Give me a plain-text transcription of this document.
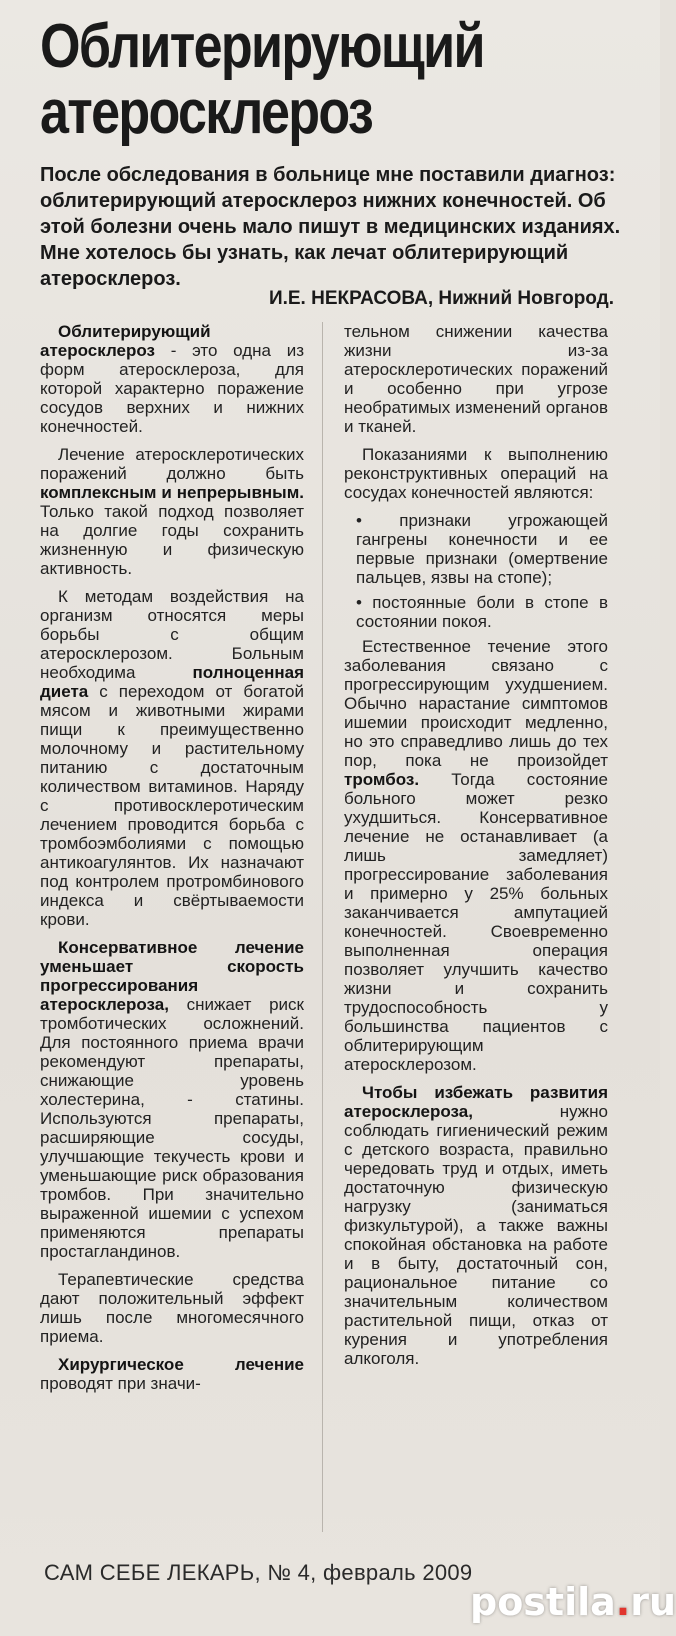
Облитерирующий
атеросклероз

После обследования в больнице мне поставили диагноз: облитерирующий атеросклероз нижних конечностей. Об этой болезни очень мало пишут в медицинских изданиях. Мне хотелось бы узнать, как лечат облитерирующий атеросклероз.

И.Е. НЕКРАСОВА, Нижний Новгород.

Облитерирующий атеросклероз - это одна из форм атеросклероза, для которой характерно поражение сосудов верхних и нижних конечностей.

Лечение атеросклеротических поражений должно быть комплексным и непрерывным. Только такой подход позволяет на долгие годы сохранить жизненную и физическую активность.

К методам воздействия на организм относятся меры борьбы с общим атеросклерозом. Больным необходима полноценная диета с переходом от богатой мясом и животными жирами пищи к преимущественно молочному и растительному питанию с достаточным количеством витаминов. Наряду с противосклеротическим лечением проводится борьба с тромбоэмболиями с помощью антикоагулянтов. Их назначают под контролем протромбинового индекса и свёртываемости крови.

Консервативное лечение уменьшает скорость прогрессирования атеросклероза, снижает риск тромботических осложнений. Для постоянного приема врачи рекомендуют препараты, снижающие уровень холестерина, - статины. Используются препараты, расширяющие сосуды, улучшающие текучесть крови и уменьшающие риск образования тромбов. При значительно выраженной ишемии с успехом применяются препараты простагландинов.

Терапевтические средства дают положительный эффект лишь после многомесячного приема.

Хирургическое лечение проводят при значи-

тельном снижении качества жизни из-за атеросклеротических поражений и особенно при угрозе необратимых изменений органов и тканей.

Показаниями к выполнению реконструктивных операций на сосудах конечностей являются:

• признаки угрожающей гангрены конечности и ее первые признаки (омертвение пальцев, язвы на стопе);

• постоянные боли в стопе в состоянии покоя.

Естественное течение этого заболевания связано с прогрессирующим ухудшением. Обычно нарастание симптомов ишемии происходит медленно, но это справедливо лишь до тех пор, пока не произойдет тромбоз. Тогда состояние больного может резко ухудшиться. Консервативное лечение не останавливает (а лишь замедляет) прогрессирование заболевания и примерно у 25% больных заканчивается ампутацией конечностей. Своевременно выполненная операция позволяет улучшить качество жизни и сохранить трудоспособность у большинства пациентов с облитерирующим атеросклерозом.

Чтобы избежать развития атеросклероза, нужно соблюдать гигиенический режим с детского возраста, правильно чередовать труд и отдых, иметь достаточную физическую нагрузку (заниматься физкультурой), а также важны спокойная обстановка на работе и в быту, достаточный сон, рациональное питание со значительным количеством растительной пищи, отказ от курения и употребления алкоголя.

САМ СЕБЕ ЛЕКАРЬ, № 4, февраль 2009
postila.ru
